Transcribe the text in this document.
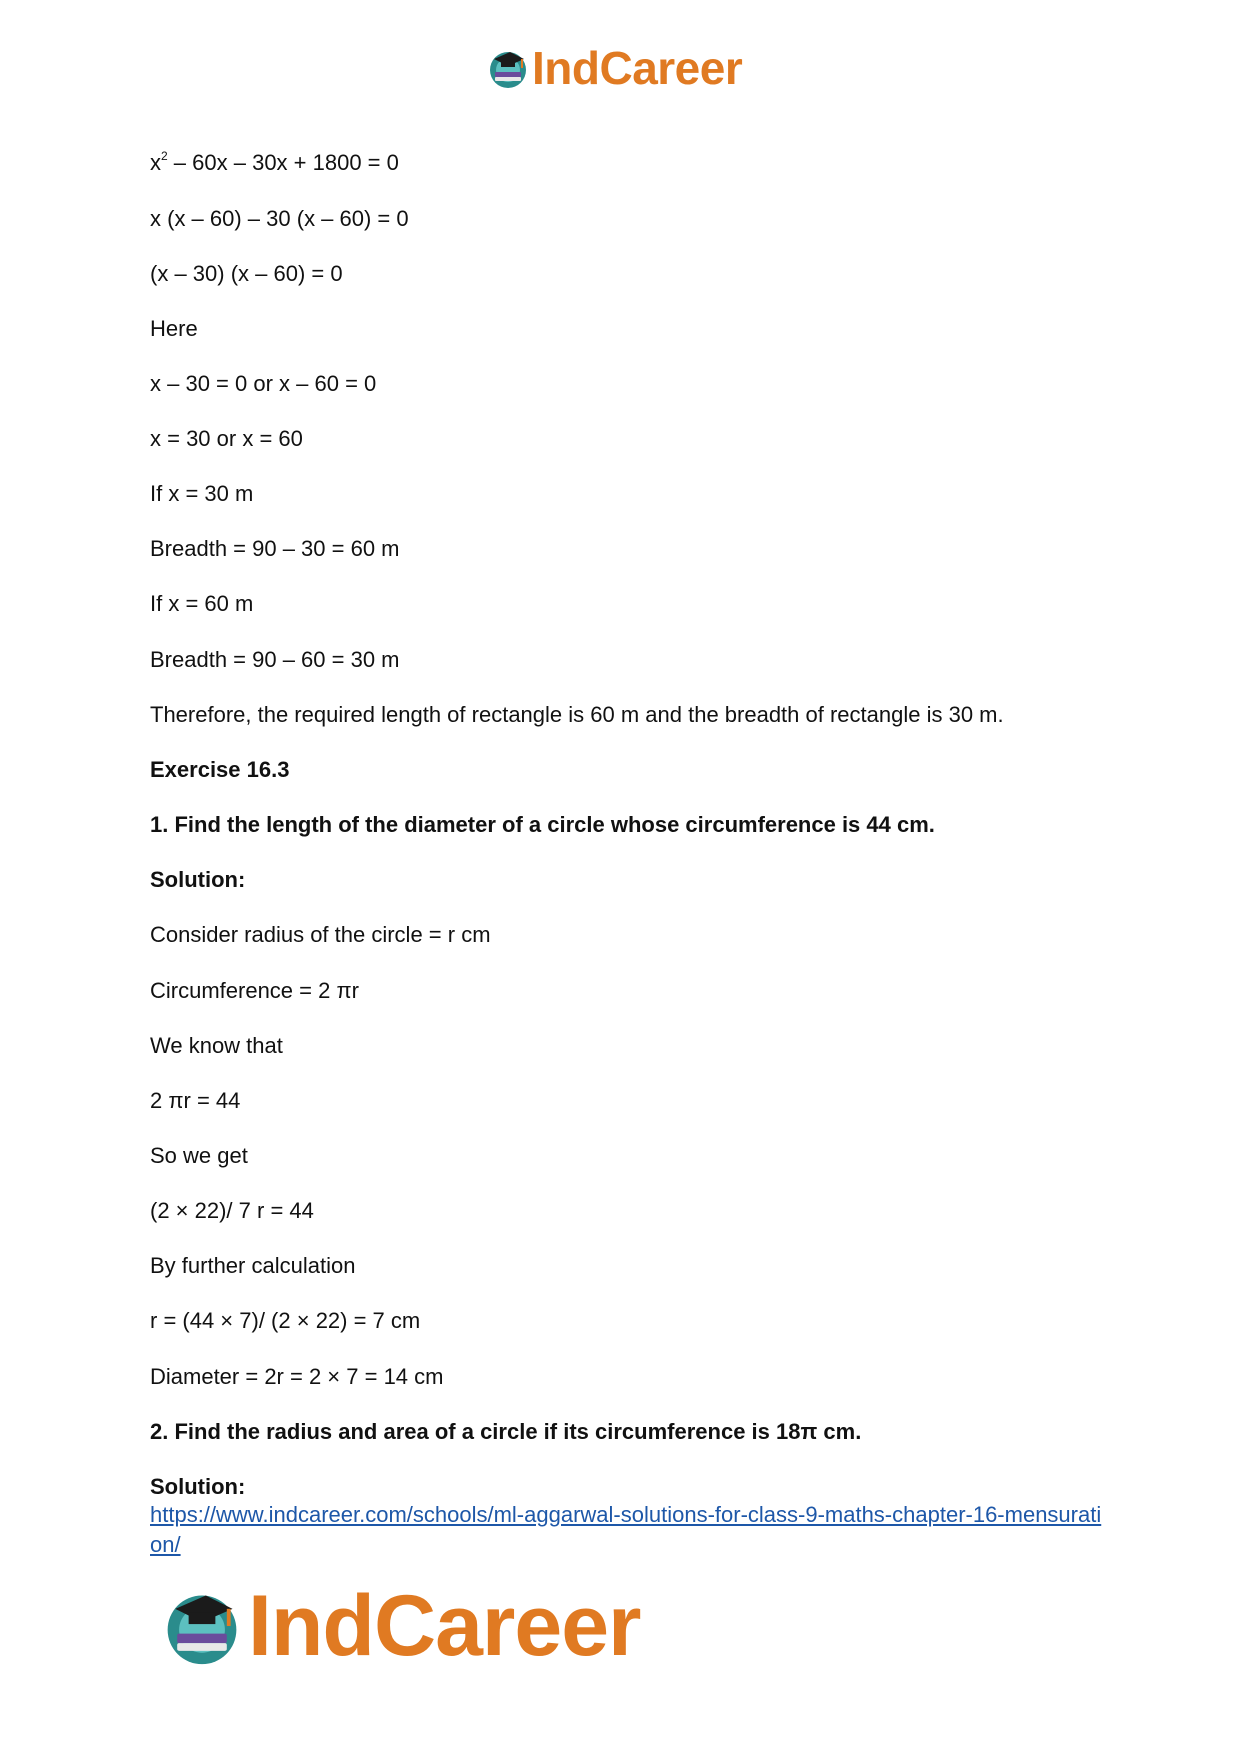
IndCareer
$x^2 - 60x - 30x + 1800 = 0$
x (x – 60) – 30 (x – 60) = 0
(x – 30) (x – 60) = 0
Here
x – 30 = 0 or x – 60 = 0
x = 30 or x = 60
If x = 30 m
Breadth = 90 – 30 = 60 m
If x = 60 m
Breadth = 90 – 60 = 30 m
Therefore, the required length of rectangle is 60 m and the breadth of rectangle is 30 m.
Exercise 16.3
1. Find the length of the diameter of a circle whose circumference is 44 cm.
Solution:
Consider radius of the circle = r cm
Circumference = 2 πr
We know that
2 πr = 44
So we get
(2 × 22)/ 7 r = 44
By further calculation
r = (44 × 7)/ (2 × 22) = 7 cm
Diameter = 2r = 2 × 7 = 14 cm
2. Find the radius and area of a circle if its circumference is 18π cm.
Solution:
https://www.indcareer.com/schools/ml-aggarwal-solutions-for-class-9-maths-chapter-16-mensuration/
IndCareer
